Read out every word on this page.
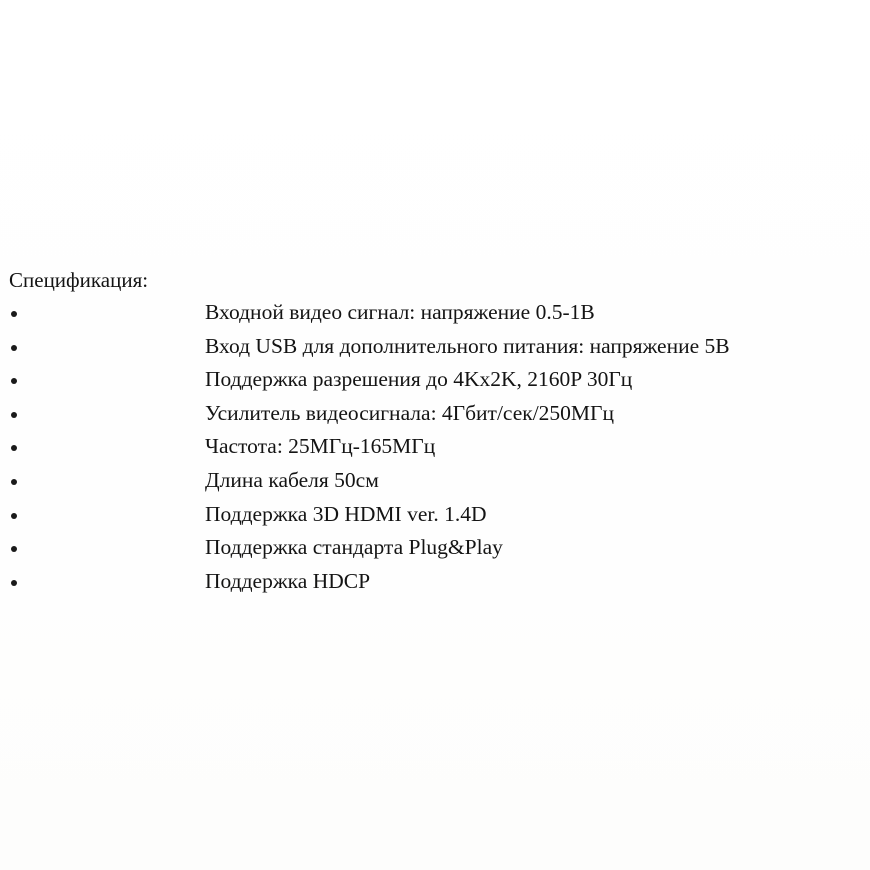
Спецификация:
Входной видео сигнал: напряжение 0.5-1В
Вход USB для дополнительного питания: напряжение 5В
Поддержка разрешения до 4Kx2K, 2160P 30Гц
Усилитель видеосигнала: 4Гбит/сек/250МГц
Частота: 25МГц-165МГц
Длина кабеля 50см
Поддержка 3D HDMI ver. 1.4D
Поддержка стандарта Plug&Play
Поддержка HDCP
